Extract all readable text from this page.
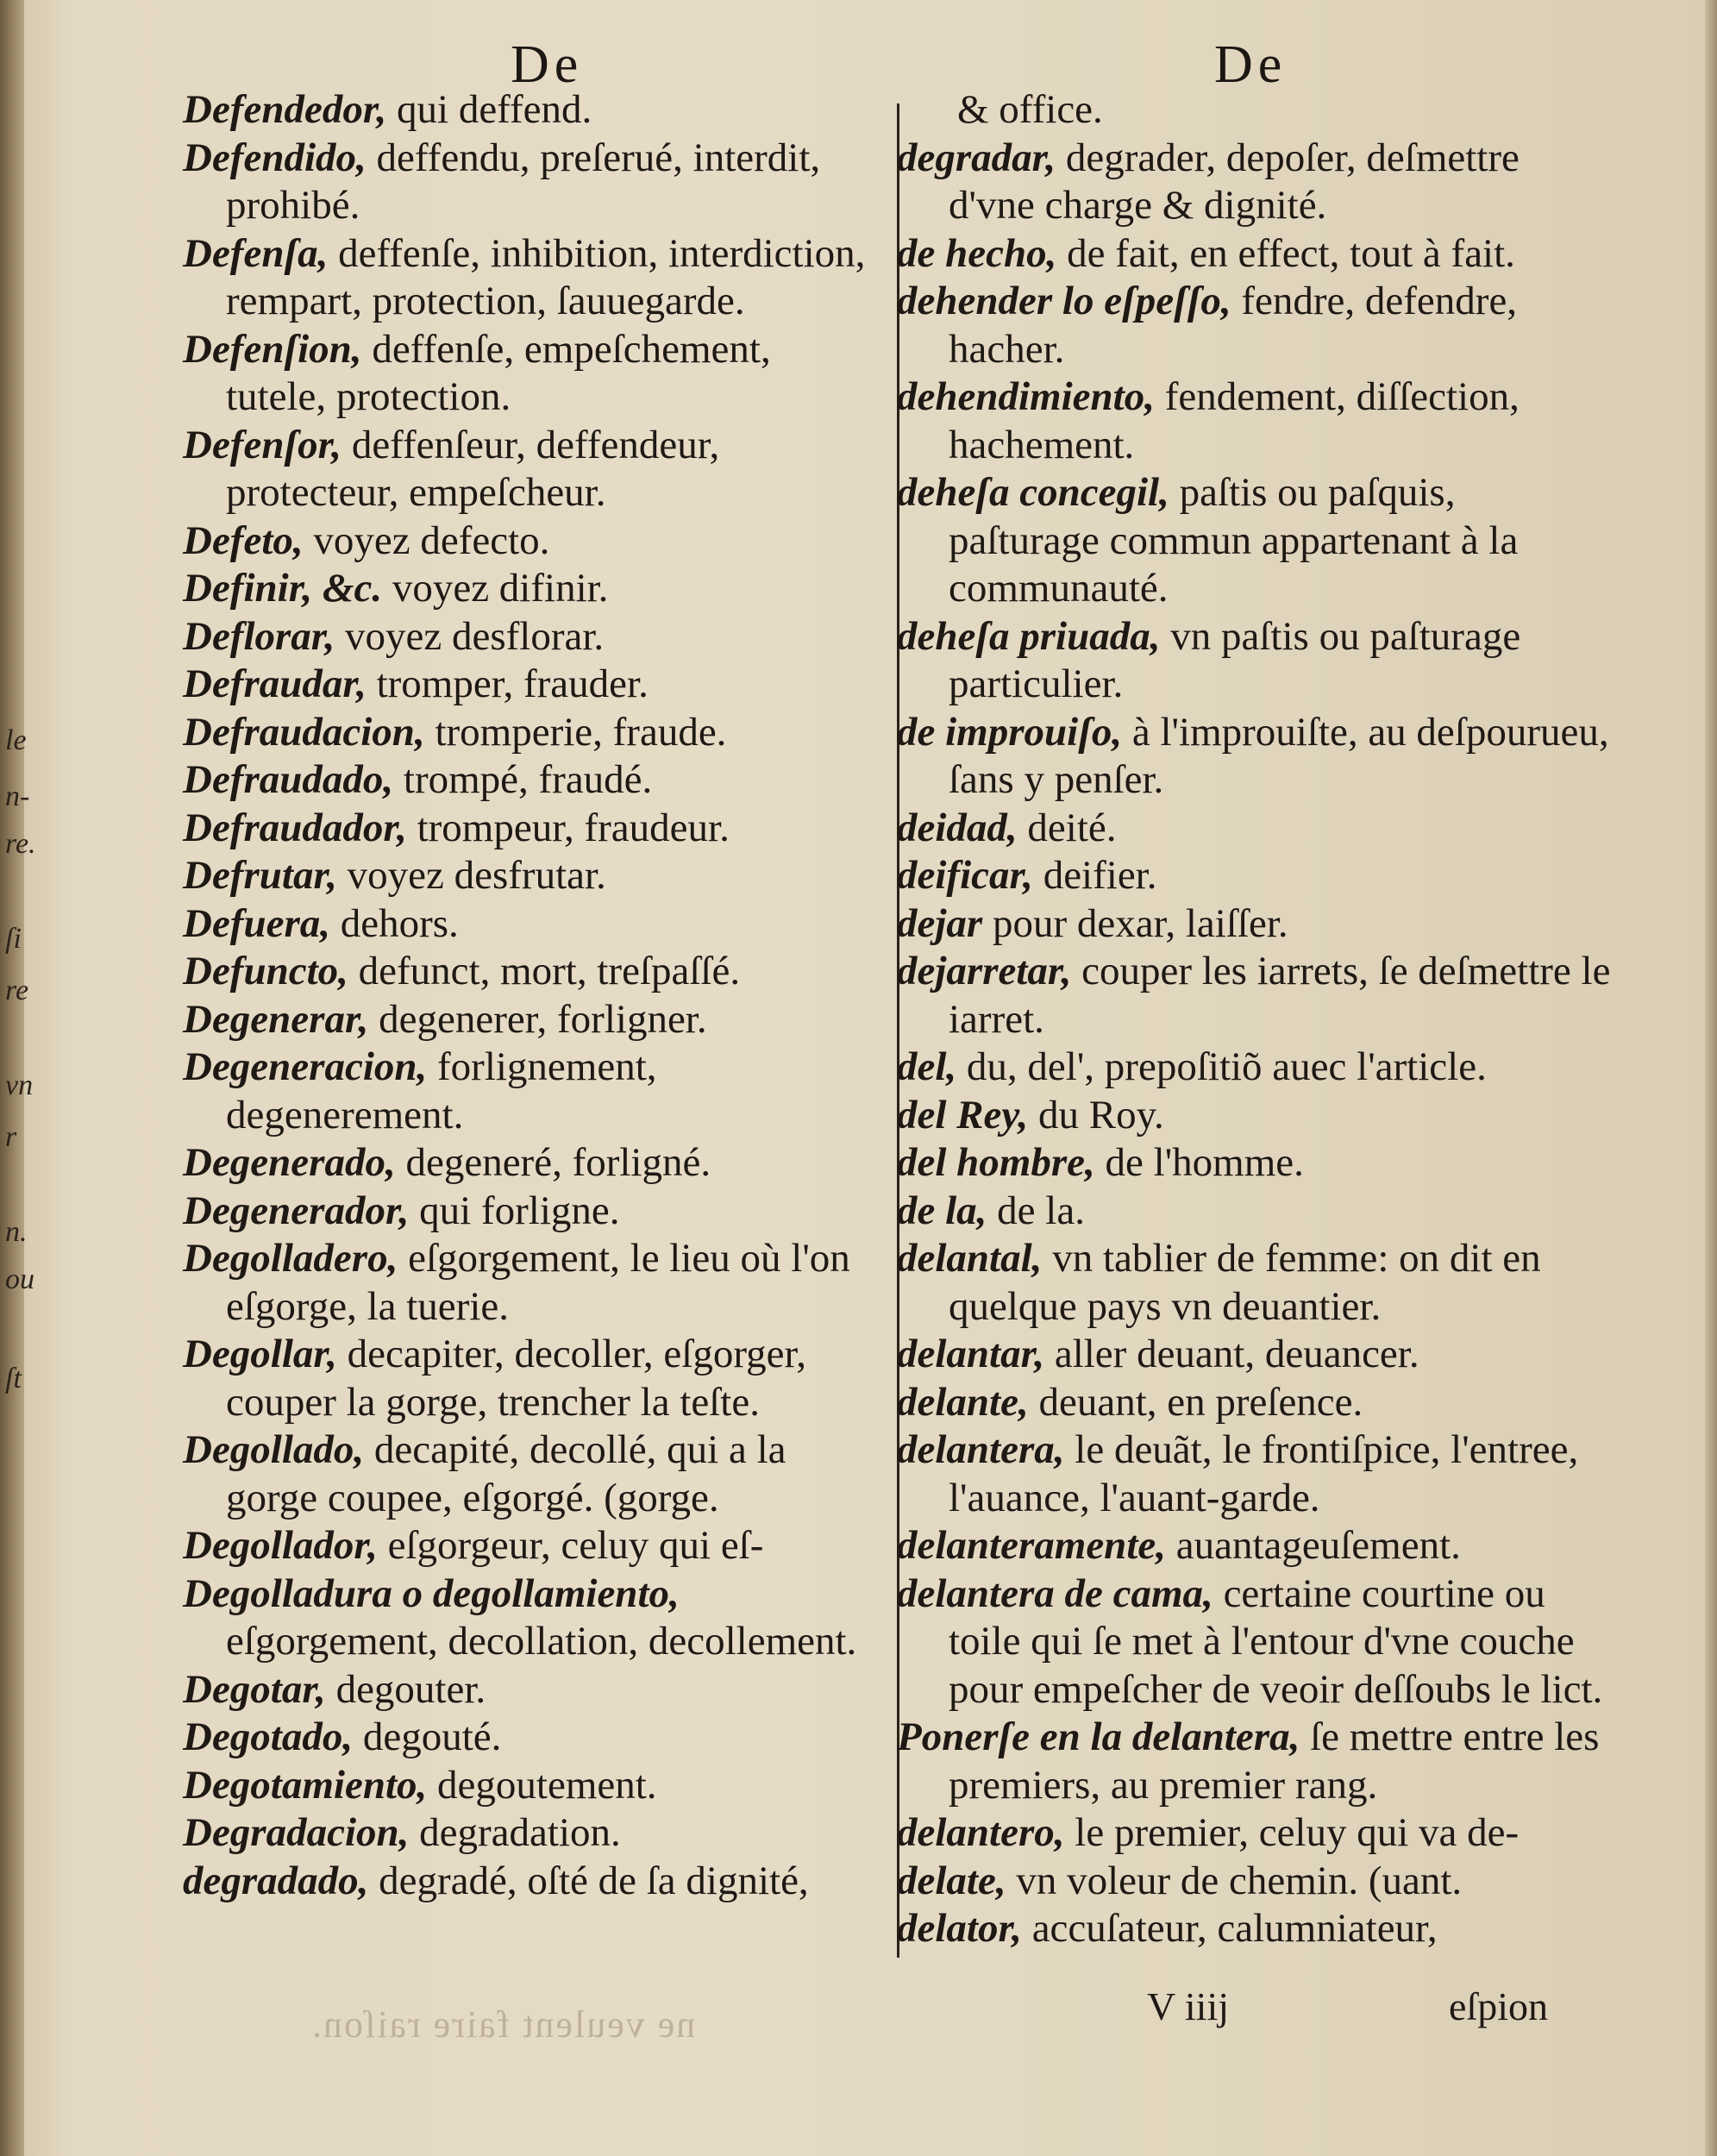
le
n-
re.
ſi
re
vn
r
n.
ou
ſt
De	De

Defendedor, qui deffend.

Defendido, deffendu, preſerué, interdit, prohibé.

Defenſa, deffenſe, inhibition, interdiction, rempart, protection, ſauuegarde.

Defenſion, deffenſe, empeſchement, tutele, protection.

Defenſor, deffenſeur, deffendeur, protecteur, empeſcheur.

Defeto, voyez defecto.

Definir, &c. voyez difinir.

Deflorar, voyez desflorar.

Defraudar, tromper, frauder.

Defraudacion, tromperie, fraude.

Defraudado, trompé, fraudé.

Defraudador, trompeur, fraudeur.

Defrutar, voyez desfrutar.

Defuera, dehors.

Defuncto, defunct, mort, treſpaſſé.

Degenerar, degenerer, forligner.

Degeneracion, forlignement, degenerement.

Degenerado, degeneré, forligné.

Degenerador, qui forligne.

Degolladero, eſgorgement, le lieu où l'on eſgorge, la tuerie.

Degollar, decapiter, decoller, eſgorger, couper la gorge, trencher la teſte.

Degollado, decapité, decollé, qui a la gorge coupee, eſgorgé. (gorge.

Degollador, eſgorgeur, celuy qui eſ-

Degolladura o degollamiento, eſgorgement, decollation, decollement.

Degotar, degouter.

Degotado, degouté.

Degotamiento, degoutement.

Degradacion, degradation.

degradado, degradé, oſté de ſa dignité,

& office.

degradar, degrader, depoſer, deſmettre d'vne charge & dignité.

de hecho, de fait, en effect, tout à fait.

dehender lo eſpeſſo, fendre, defendre, hacher.

dehendimiento, fendement, diſſection, hachement.

deheſa concegil, paſtis ou paſquis, paſturage commun appartenant à la communauté.

deheſa priuada, vn paſtis ou paſturage particulier.

de improuiſo, à l'improuiſte, au deſpourueu, ſans y penſer.

deidad, deité.

deificar, deifier.

dejar pour dexar, laiſſer.

dejarretar, couper les iarrets, ſe deſmettre le iarret.

del, du, del', prepoſitiõ auec l'article.

del Rey, du Roy.

del hombre, de l'homme.

de la, de la.

delantal, vn tablier de femme: on dit en quelque pays vn deuantier.

delantar, aller deuant, deuancer.

delante, deuant, en preſence.

delantera, le deuãt, le frontiſpice, l'entree, l'auance, l'auant-garde.

delanteramente, auantageuſement.

delantera de cama, certaine courtine ou toile qui ſe met à l'entour d'vne couche pour empeſcher de veoir deſſoubs le lict.

Ponerſe en la delantera, ſe mettre entre les premiers, au premier rang.

delantero, le premier, celuy qui va de-

delate, vn voleur de chemin. (uant.

delator, accuſateur, calumniateur,

ne veulent faire raiſon.	V iiij	eſpion
